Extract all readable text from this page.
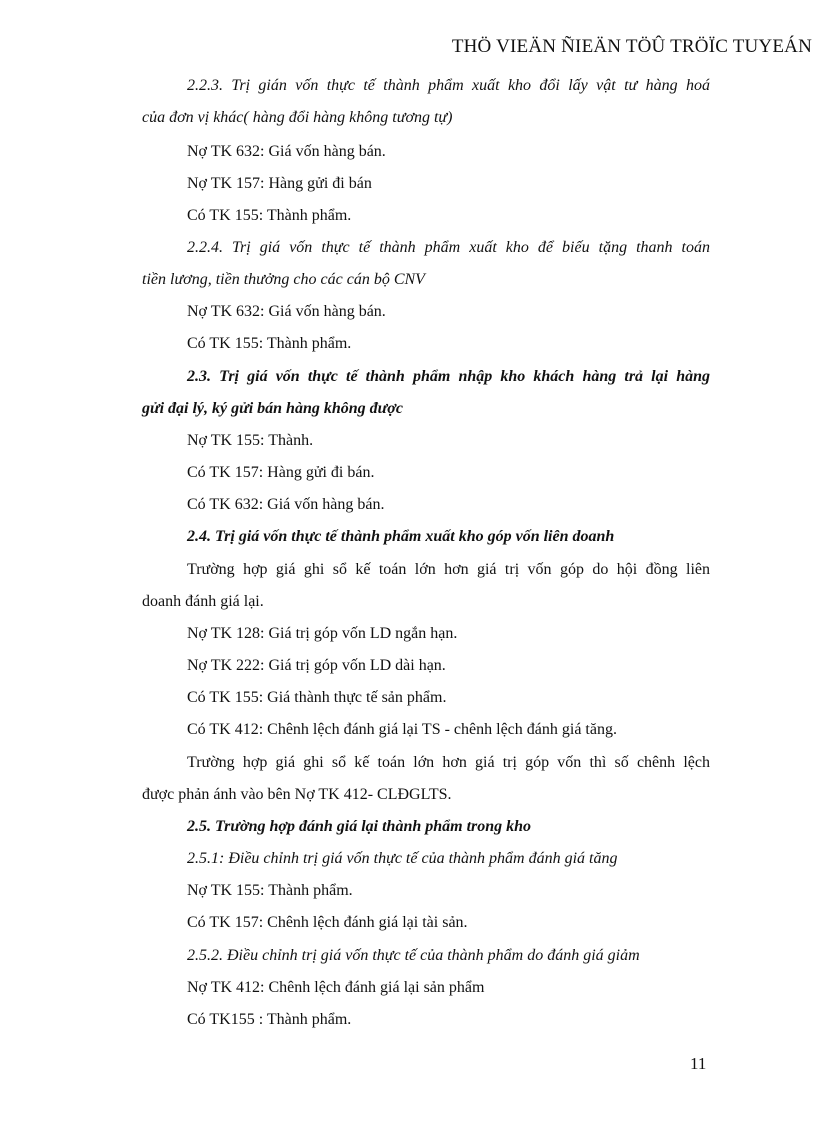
THÖ VIEÄN ÑIEÄN TÖÛ TRÖÏC TUYEÁN
2.2.3. Trị gián vốn thực tế thành phẩm xuất kho đổi lấy vật tư hàng hoá
của đơn vị khác( hàng đổi hàng không tương tự)
Nợ TK 632: Giá vốn hàng bán.
Nợ TK 157: Hàng gửi đi bán
Có TK 155: Thành phẩm.
2.2.4. Trị giá vốn thực tế thành phẩm xuất kho để biếu tặng thanh toán
tiền lương, tiền thưởng cho các cán bộ CNV
Nợ TK 632: Giá vốn hàng bán.
Có TK 155: Thành phẩm.
2.3. Trị giá vốn thực tế thành phẩm nhập kho khách hàng trả lại hàng
gửi đại lý, ký gửi bán hàng không được
Nợ TK 155: Thành.
Có TK 157: Hàng gửi đi bán.
Có TK 632: Giá vốn hàng bán.
2.4. Trị giá vốn thực tế thành phẩm xuất kho góp vốn liên doanh
Trường hợp giá ghi sổ kế toán lớn hơn giá trị vốn góp do hội đồng liên
doanh đánh giá lại.
Nợ TK 128: Giá trị góp vốn LD ngắn hạn.
Nợ TK 222: Giá trị góp vốn LD dài hạn.
Có TK 155: Giá thành thực tế sản phẩm.
Có TK 412: Chênh lệch đánh giá lại TS - chênh lệch đánh giá tăng.
Trường hợp giá ghi sổ kế toán lớn hơn giá trị góp vốn thì số chênh lệch
được phản ánh vào bên Nợ TK 412- CLĐGLTS.
2.5. Trường hợp đánh giá lại thành phẩm trong kho
2.5.1: Điều chỉnh trị giá vốn thực tế của thành phẩm đánh giá tăng
Nợ TK 155: Thành phẩm.
Có TK 157: Chênh lệch đánh giá lại tài sản.
2.5.2. Điều chỉnh trị giá vốn thực tế của thành phẩm do đánh giá giảm
Nợ TK 412: Chênh lệch đánh giá lại sản phẩm
Có TK155 : Thành phẩm.
11
